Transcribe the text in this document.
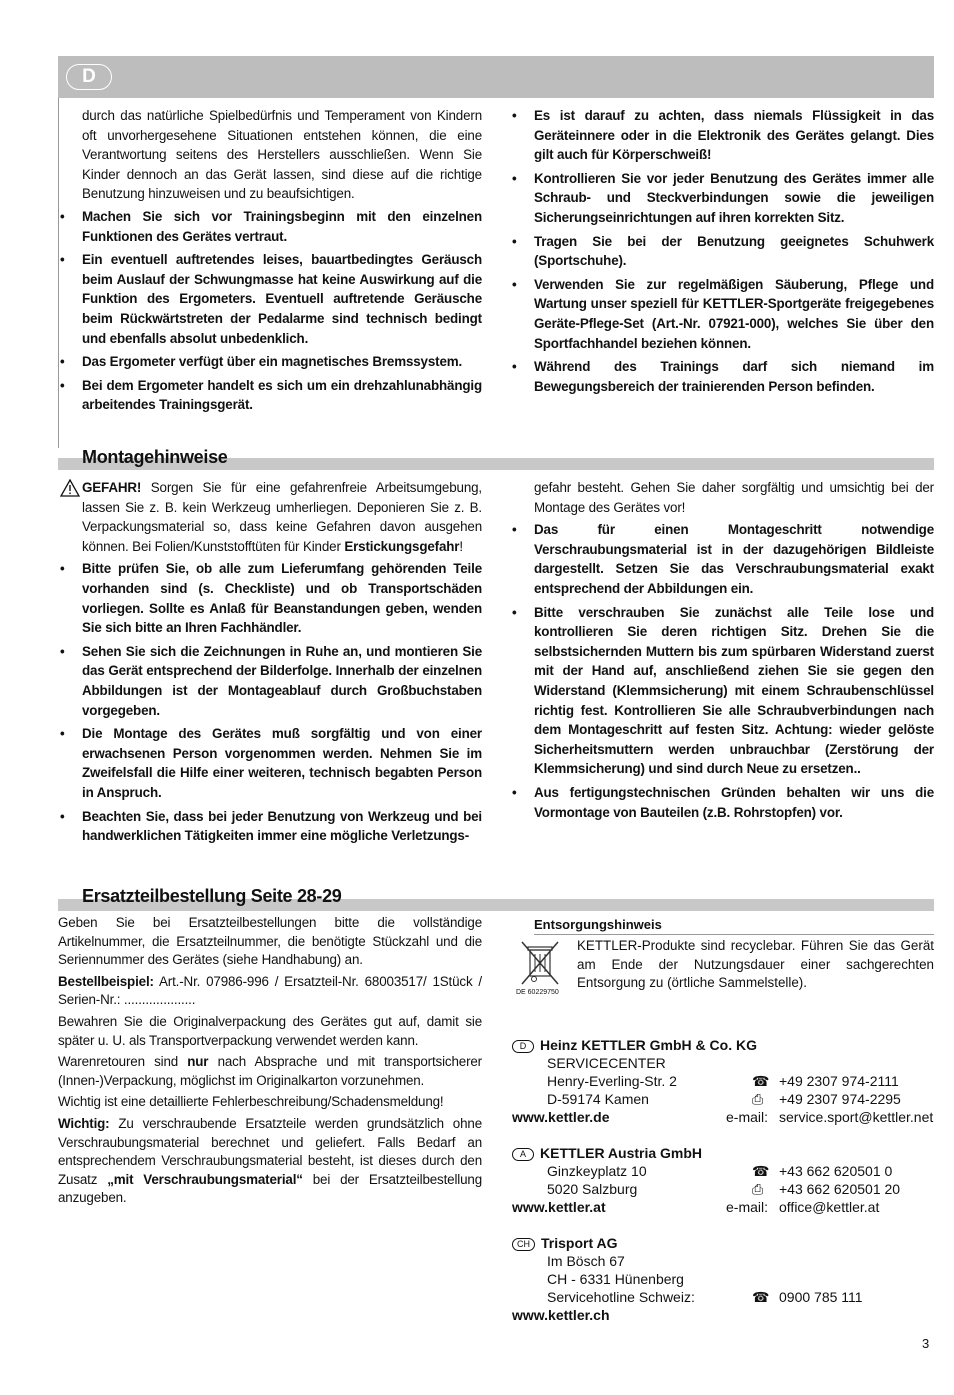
D

durch das natürliche Spielbedürfnis und Temperament von Kindern oft unvorhergesehene Situationen entstehen können, die eine Verantwortung seitens des Herstellers ausschließen. Wenn Sie Kinder dennoch an das Gerät lassen, sind diese auf die richtige Benutzung hinzuweisen und zu beaufsichtigen.

• Machen Sie sich vor Trainingsbeginn mit den einzelnen Funktionen des Gerätes vertraut.
• Ein eventuell auftretendes leises, bauartbedingtes Geräusch beim Auslauf der Schwungmasse hat keine Auswirkung auf die Funktion des Ergometers. Eventuell auftretende Geräusche beim Rückwärtstreten der Pedalarme sind technisch bedingt und ebenfalls absolut unbedenklich.
• Das Ergometer verfügt über ein magnetisches Bremssystem.
• Bei dem Ergometer handelt es sich um ein drehzahlunabhängig arbeitendes Trainingsgerät.
• Es ist darauf zu achten, dass niemals Flüssigkeit in das Geräteinnere oder in die Elektronik des Gerätes gelangt. Dies gilt auch für Körperschweiß!
• Kontrollieren Sie vor jeder Benutzung des Gerätes immer alle Schraub- und Steckverbindungen sowie die jeweiligen Sicherungseinrichtungen auf ihren korrekten Sitz.
• Tragen Sie bei der Benutzung geeignetes Schuhwerk (Sportschuhe).
• Verwenden Sie zur regelmäßigen Säuberung, Pflege und Wartung unser speziell für KETTLER-Sportgeräte freigegebenes Geräte-Pflege-Set (Art.-Nr. 07921-000), welches Sie über den Sportfachhandel beziehen können.
• Während des Trainings darf sich niemand im Bewegungsbereich der trainierenden Person befinden.
Montagehinweise

GEFAHR! Sorgen Sie für eine gefahrenfreie Arbeitsumgebung, lassen Sie z. B. kein Werkzeug umherliegen. Deponieren Sie z. B. Verpackungsmaterial so, dass keine Gefahren davon ausgehen können. Bei Folien/Kunststofftüten für Kinder Erstickungsgefahr!

• Bitte prüfen Sie, ob alle zum Lieferumfang gehörenden Teile vorhanden sind (s. Checkliste) und ob Transportschäden vorliegen. Sollte es Anlaß für Beanstandungen geben, wenden Sie sich bitte an Ihren Fachhändler.
• Sehen Sie sich die Zeichnungen in Ruhe an, und montieren Sie das Gerät entsprechend der Bilderfolge. Innerhalb der einzelnen Abbildungen ist der Montageablauf durch Großbuchstaben vorgegeben.
• Die Montage des Gerätes muß sorgfältig und von einer erwachsenen Person vorgenommen werden. Nehmen Sie im Zweifelsfall die Hilfe einer weiteren, technisch begabten Person in Anspruch.
• Beachten Sie, dass bei jeder Benutzung von Werkzeug und bei handwerklichen Tätigkeiten immer eine mögliche Verletzungs-

gefahr besteht. Gehen Sie daher sorgfältig und umsichtig bei der Montage des Gerätes vor!

• Das für einen Montageschritt notwendige Verschraubungsmaterial ist in der dazugehörigen Bildleiste dargestellt. Setzen Sie das Verschraubungsmaterial exakt entsprechend der Abbildungen ein.
• Bitte verschrauben Sie zunächst alle Teile lose und kontrollieren Sie deren richtigen Sitz. Drehen Sie die selbstsichernden Muttern bis zum spürbaren Widerstand zuerst mit der Hand auf, anschließend ziehen Sie sie gegen den Widerstand (Klemmsicherung) mit einem Schraubenschlüssel richtig fest. Kontrollieren Sie alle Schraubverbindungen nach dem Montageschritt auf festen Sitz. Achtung: wieder gelöste Sicherheitsmuttern werden unbrauchbar (Zerstörung der Klemmsicherung) und sind durch Neue zu ersetzen..
• Aus fertigungstechnischen Gründen behalten wir uns die Vormontage von Bauteilen (z.B. Rohrstopfen) vor.
Ersatzteilbestellung Seite 28-29

Geben Sie bei Ersatzteilbestellungen bitte die vollständige Artikelnummer, die Ersatzteilnummer, die benötigte Stückzahl und die Seriennummer des Gerätes (siehe Handhabung) an.

Bestellbeispiel: Art.-Nr. 07986-996 / Ersatzteil-Nr. 68003517/ 1Stück / Serien-Nr.: ....................

Bewahren Sie die Originalverpackung des Gerätes gut auf, damit sie später u. U. als Transportverpackung verwendet werden kann.

Warenretouren sind nur nach Absprache und mit transportsicherer (Innen-)Verpackung, möglichst im Originalkarton vorzunehmen.

Wichtig ist eine detaillierte Fehlerbeschreibung/Schadensmeldung!

Wichtig: Zu verschraubende Ersatzteile werden grundsätzlich ohne Verschraubungsmaterial berechnet und geliefert. Falls Bedarf an entsprechendem Verschraubungsmaterial besteht, ist dieses durch den Zusatz „mit Verschraubungsmaterial“ bei der Ersatzteilbestellung anzugeben.

Entsorgungshinweis
DE 60229750
KETTLER-Produkte sind recyclebar. Führen Sie das Gerät am Ende der Nutzungsdauer einer sachgerechten Entsorgung zu (örtliche Sammelstelle).
D Heinz KETTLER GmbH & Co. KG
SERVICECENTER
Henry-Everling-Str. 2	☎ +49 2307 974-2111
D-59174 Kamen	⎙ +49 2307 974-2295
www.kettler.de	e-mail: service.sport@kettler.net
A KETTLER Austria GmbH
Ginzkeyplatz 10	☎ +43 662 620501 0
5020 Salzburg	⎙ +43 662 620501 20
www.kettler.at	e-mail: office@kettler.at
CH Trisport AG
Im Bösch 67
CH - 6331 Hünenberg
Servicehotline Schweiz:	☎ 0900 785 111
www.kettler.ch
3
